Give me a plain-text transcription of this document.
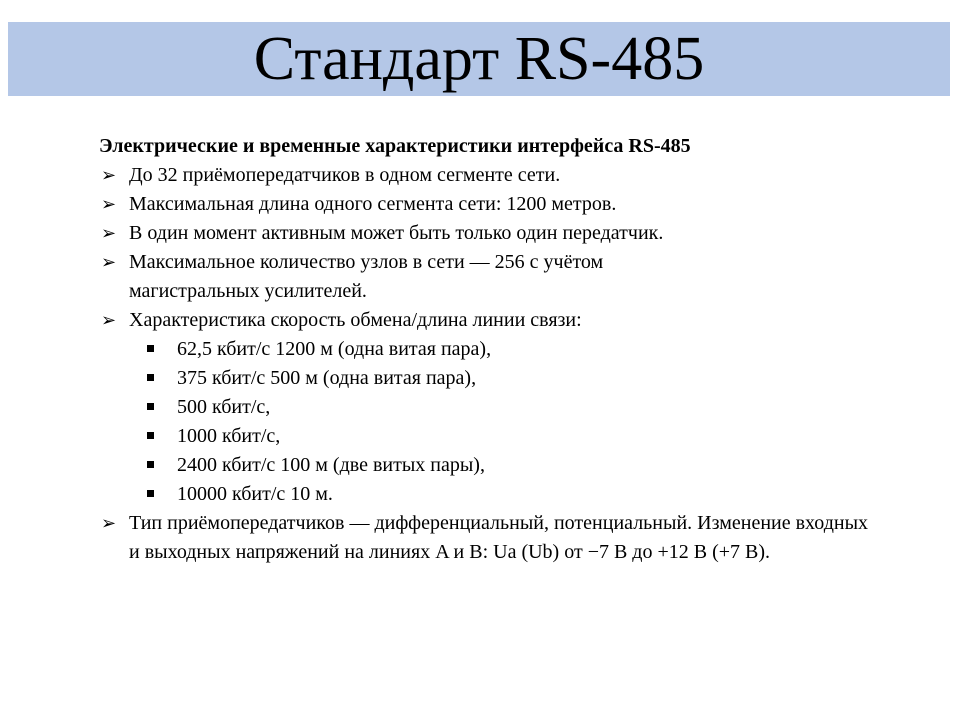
Стандарт RS-485

Электрические и временные характеристики интерфейса RS-485

➢ До 32 приёмопередатчиков в одном сегменте сети.
➢ Максимальная длина одного сегмента сети: 1200 метров.
➢ В один момент активным может быть только один передатчик.
➢ Максимальное количество узлов в сети — 256 с учётом магистральных усилителей.
➢ Характеристика скорость обмена/длина линии связи:
62,5 кбит/с 1200 м (одна витая пара),
375 кбит/с 500 м (одна витая пара),
500 кбит/с,
1000 кбит/с,
2400 кбит/с 100 м (две витых пары),
10000 кбит/с 10 м.
➢ Тип приёмопередатчиков — дифференциальный, потенциальный. Изменение входных и выходных напряжений на линиях A и B: Ua (Ub) от −7 В до +12 В (+7 В).
